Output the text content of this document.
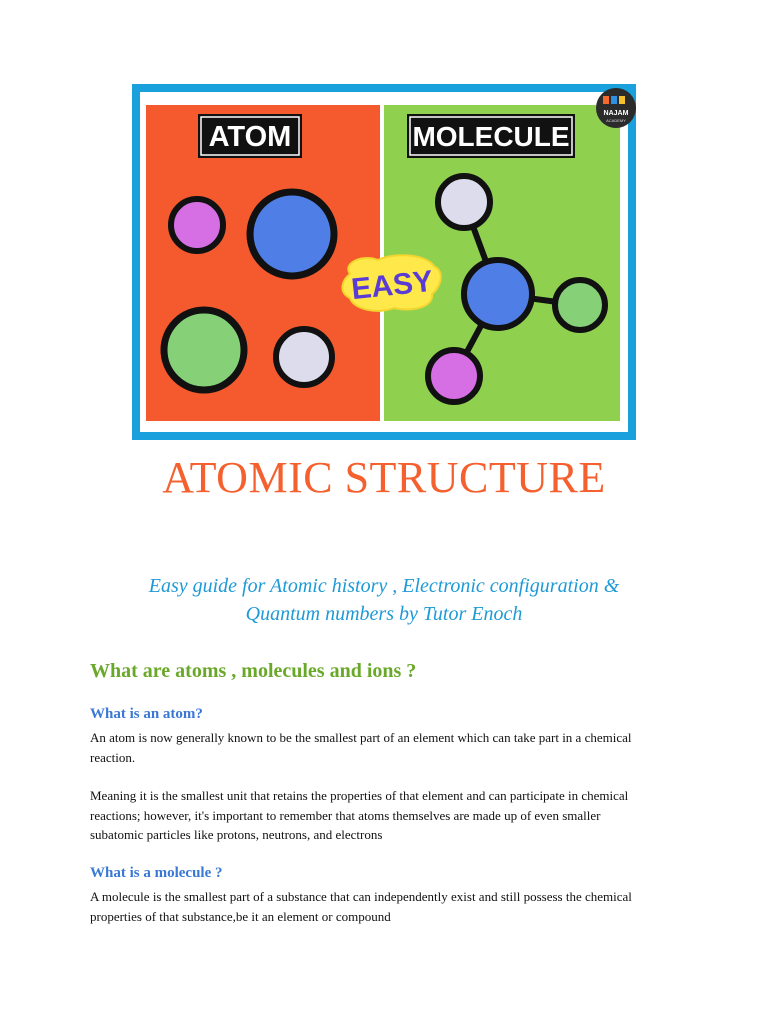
ATOM	MOLECULE
NAJAM
ACADEMY
EASY
ATOMIC STRUCTURE
Easy guide for Atomic history , Electronic configuration &
Quantum numbers by Tutor Enoch
What are atoms , molecules and ions ?
What is an atom?
An atom is now generally known to be the smallest part of an element which can take part in a chemical
reaction.
Meaning it is the smallest unit that retains the properties of that element and can participate in chemical
reactions; however, it's important to remember that atoms themselves are made up of even smaller
subatomic particles like protons, neutrons, and electrons
What is a molecule ?
A molecule is the smallest part of a substance that can independently exist and still possess the chemical
properties of that substance,be it an element or compound
